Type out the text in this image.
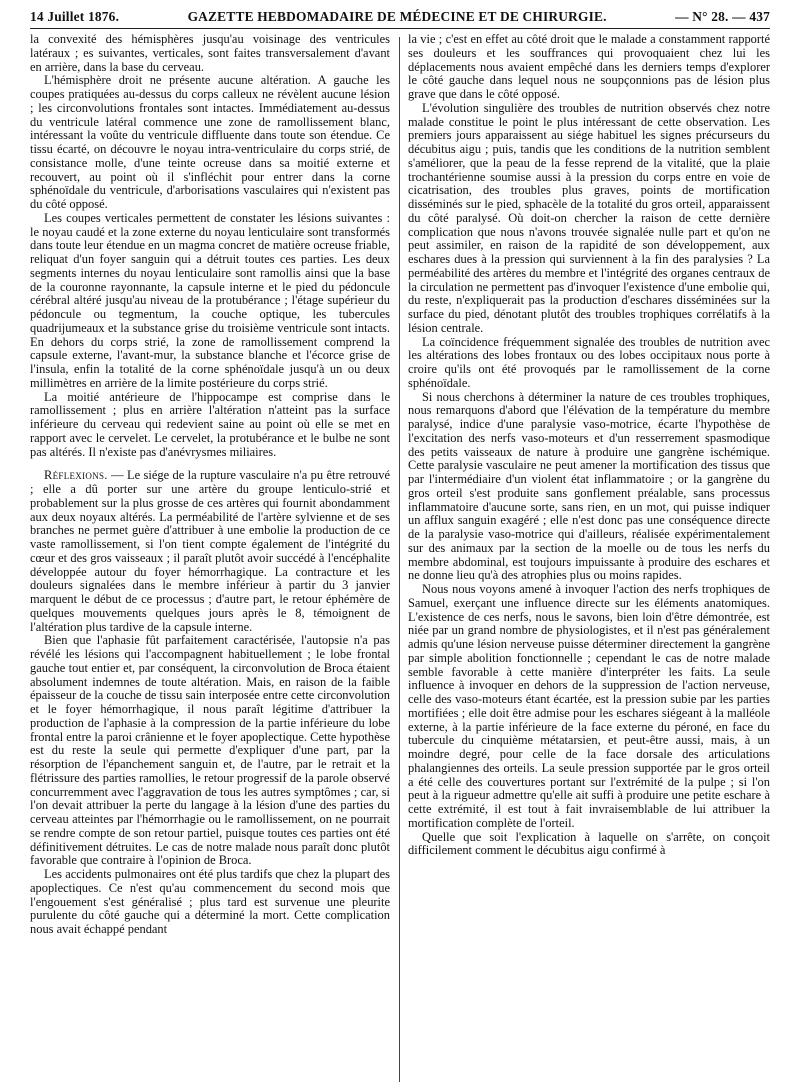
14 Juillet 1876.	GAZETTE HEBDOMADAIRE DE MÉDECINE ET DE CHIRURGIE.	— N° 28. — 437

la convexité des hémisphères jusqu'au voisinage des ventricules latéraux ; es suivantes, verticales, sont faites transversalement d'avant en arrière, dans la base du cerveau.

L'hémisphère droit ne présente aucune altération. A gauche les coupes pratiquées au-dessus du corps calleux ne révèlent aucune lésion ; les circonvolutions frontales sont intactes. Immédiatement au-dessus du ventricule latéral commence une zone de ramollissement blanc, intéressant la voûte du ventricule diffluente dans toute son étendue. Ce tissu écarté, on découvre le noyau intra-ventriculaire du corps strié, de consistance molle, d'une teinte ocreuse dans sa moitié externe et recouvert, au point où il s'infléchit pour entrer dans la corne sphénoïdale du ventricule, d'arborisations vasculaires qui n'existent pas du côté opposé.

Les coupes verticales permettent de constater les lésions suivantes : le noyau caudé et la zone externe du noyau lenticulaire sont transformés dans toute leur étendue en un magma concret de matière ocreuse friable, reliquat d'un foyer sanguin qui a détruit toutes ces parties. Les deux segments internes du noyau lenticulaire sont ramollis ainsi que la base de la couronne rayonnante, la capsule interne et le pied du pédoncule cérébral altéré jusqu'au niveau de la protubérance ; l'étage supérieur du pédoncule ou tegmentum, la couche optique, les tubercules quadrijumeaux et la substance grise du troisième ventricule sont intacts. En dehors du corps strié, la zone de ramollissement comprend la capsule externe, l'avant-mur, la substance blanche et l'écorce grise de l'insula, enfin la totalité de la corne sphénoïdale jusqu'à un ou deux millimètres en arrière de la limite postérieure du corps strié.

La moitié antérieure de l'hippocampe est comprise dans le ramollissement ; plus en arrière l'altération n'atteint pas la surface inférieure du cerveau qui redevient saine au point où elle se met en rapport avec le cervelet. Le cervelet, la protubérance et le bulbe ne sont pas altérés. Il n'existe pas d'anévrysmes miliaires.

Réflexions. — Le siége de la rupture vasculaire n'a pu être retrouvé ; elle a dû porter sur une artère du groupe lenticulo-strié et probablement sur la plus grosse de ces artères qui fournit abondamment aux deux noyaux altérés. La perméabilité de l'artère sylvienne et de ses branches ne permet guère d'attribuer à une embolie la production de ce vaste ramollissement, si l'on tient compte également de l'intégrité du cœur et des gros vaisseaux ; il paraît plutôt avoir succédé à l'encéphalite développée autour du foyer hémorrhagique. La contracture et les douleurs signalées dans le membre inférieur à partir du 3 janvier marquent le début de ce processus ; d'autre part, le retour éphémère de quelques mouvements quelques jours après le 8, témoignent de l'altération plus tardive de la capsule interne.

Bien que l'aphasie fût parfaitement caractérisée, l'autopsie n'a pas révélé les lésions qui l'accompagnent habituellement ; le lobe frontal gauche tout entier et, par conséquent, la circonvolution de Broca étaient absolument indemnes de toute altération. Mais, en raison de la faible épaisseur de la couche de tissu sain interposée entre cette circonvolution et le foyer hémorrhagique, il nous paraît légitime d'attribuer la production de l'aphasie à la compression de la partie inférieure du lobe frontal entre la paroi crânienne et le foyer apoplectique. Cette hypothèse est du reste la seule qui permette d'expliquer d'une part, par la résorption de l'épanchement sanguin et, de l'autre, par le retrait et la flétrissure des parties ramollies, le retour progressif de la parole observé concurremment avec l'aggravation de tous les autres symptômes ; car, si l'on devait attribuer la perte du langage à la lésion d'une des parties du cerveau atteintes par l'hémorrhagie ou le ramollissement, on ne pourrait se rendre compte de son retour partiel, puisque toutes ces parties ont été définitivement détruites. Le cas de notre malade nous paraît donc plutôt favorable que contraire à l'opinion de Broca.

Les accidents pulmonaires ont été plus tardifs que chez la plupart des apoplectiques. Ce n'est qu'au commencement du second mois que l'engouement s'est généralisé ; plus tard est survenue une pleurite purulente du côté gauche qui a déterminé la mort. Cette complication nous avait échappé pendant

la vie ; c'est en effet au côté droit que le malade a constamment rapporté ses douleurs et les souffrances qui provoquaient chez lui les déplacements nous avaient empêché dans les derniers temps d'explorer le côté gauche dans lequel nous ne soupçonnions pas de lésion plus grave que dans le côté opposé.

L'évolution singulière des troubles de nutrition observés chez notre malade constitue le point le plus intéressant de cette observation. Les premiers jours apparaissent au siége habituel les signes précurseurs du décubitus aigu ; puis, tandis que les conditions de la nutrition semblent s'améliorer, que la peau de la fesse reprend de la vitalité, que la plaie trochantérienne soumise aussi à la pression du corps entre en voie de cicatrisation, des troubles plus graves, points de mortification disséminés sur le pied, sphacèle de la totalité du gros orteil, apparaissent du côté paralysé. Où doit-on chercher la raison de cette dernière complication que nous n'avons trouvée signalée nulle part et qu'on ne peut assimiler, en raison de la rapidité de son développement, aux eschares dues à la pression qui surviennent à la fin des paralysies ? La perméabilité des artères du membre et l'intégrité des organes centraux de la circulation ne permettent pas d'invoquer l'existence d'une embolie qui, du reste, n'expliquerait pas la production d'eschares disséminées sur la surface du pied, dénotant plutôt des troubles trophiques corrélatifs à la lésion centrale.

La coïncidence fréquemment signalée des troubles de nutrition avec les altérations des lobes frontaux ou des lobes occipitaux nous porte à croire qu'ils ont été provoqués par le ramollissement de la corne sphénoïdale.

Si nous cherchons à déterminer la nature de ces troubles trophiques, nous remarquons d'abord que l'élévation de la température du membre paralysé, indice d'une paralysie vaso-motrice, écarte l'hypothèse de l'excitation des nerfs vaso-moteurs et d'un resserrement spasmodique des petits vaisseaux de nature à produire une gangrène ischémique. Cette paralysie vasculaire ne peut amener la mortification des tissus que par l'intermédiaire d'un violent état inflammatoire ; or la gangrène du gros orteil s'est produite sans gonflement préalable, sans processus inflammatoire d'aucune sorte, sans rien, en un mot, qui puisse indiquer un afflux sanguin exagéré ; elle n'est donc pas une conséquence directe de la paralysie vaso-motrice qui d'ailleurs, réalisée expérimentalement sur des animaux par la section de la moelle ou de tous les nerfs du membre abdominal, est toujours impuissante à produire des eschares et ne donne lieu qu'à des atrophies plus ou moins rapides.

Nous nous voyons amené à invoquer l'action des nerfs trophiques de Samuel, exerçant une influence directe sur les éléments anatomiques. L'existence de ces nerfs, nous le savons, bien loin d'être démontrée, est niée par un grand nombre de physiologistes, et il n'est pas généralement admis qu'une lésion nerveuse puisse déterminer directement la gangrène par simple abolition fonctionnelle ; cependant le cas de notre malade semble favorable à cette manière d'interpréter les faits. La seule influence à invoquer en dehors de la suppression de l'action nerveuse, celle des vaso-moteurs étant écartée, est la pression subie par les parties mortifiées ; elle doit être admise pour les eschares siégeant à la malléole externe, à la partie inférieure de la face externe du péroné, en face du tubercule du cinquième métatarsien, et peut-être aussi, mais, à un moindre degré, pour celle de la face dorsale des articulations phalangiennes des orteils. La seule pression supportée par le gros orteil a été celle des couvertures portant sur l'extrémité de la pulpe ; si l'on peut à la rigueur admettre qu'elle ait suffi à produire une petite eschare à cette extrémité, il est tout à fait invraisemblable de lui attribuer la mortification complète de l'orteil.

Quelle que soit l'explication à laquelle on s'arrête, on conçoit difficilement comment le décubitus aigu confirmé à
